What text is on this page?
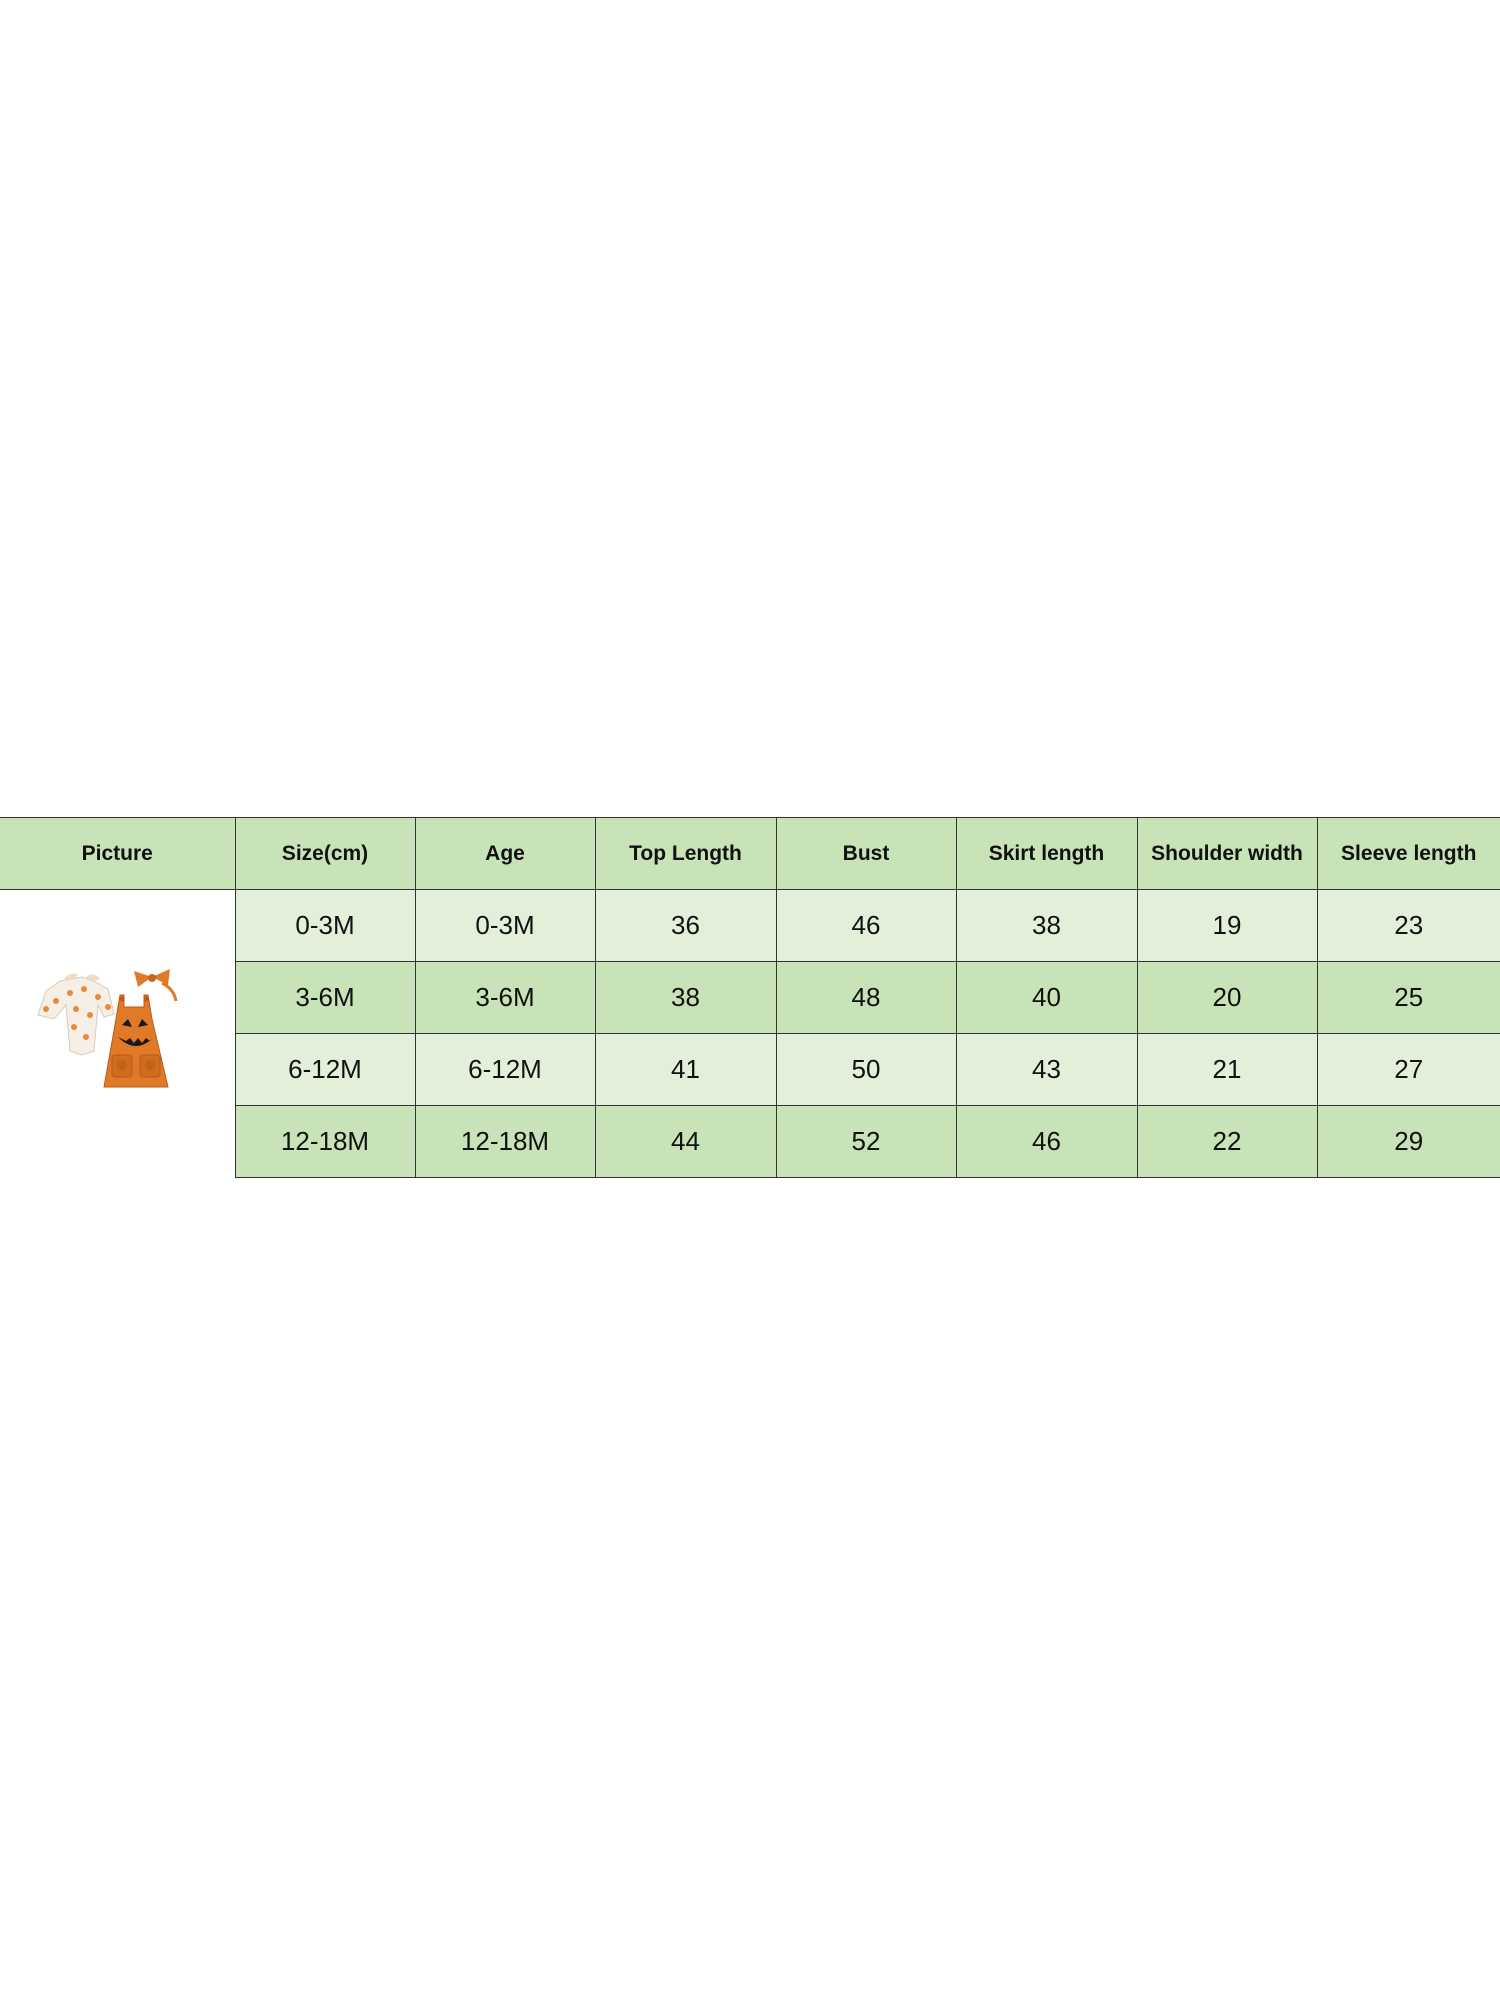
Picture	Size(cm)	Age	Top Length	Bust	Skirt length	Shoulder width	Sleeve length

	0-3M	0-3M	36	46	38	19	23
	3-6M	3-6M	38	48	40	20	25
	6-12M	6-12M	41	50	43	21	27
	12-18M	12-18M	44	52	46	22	29
